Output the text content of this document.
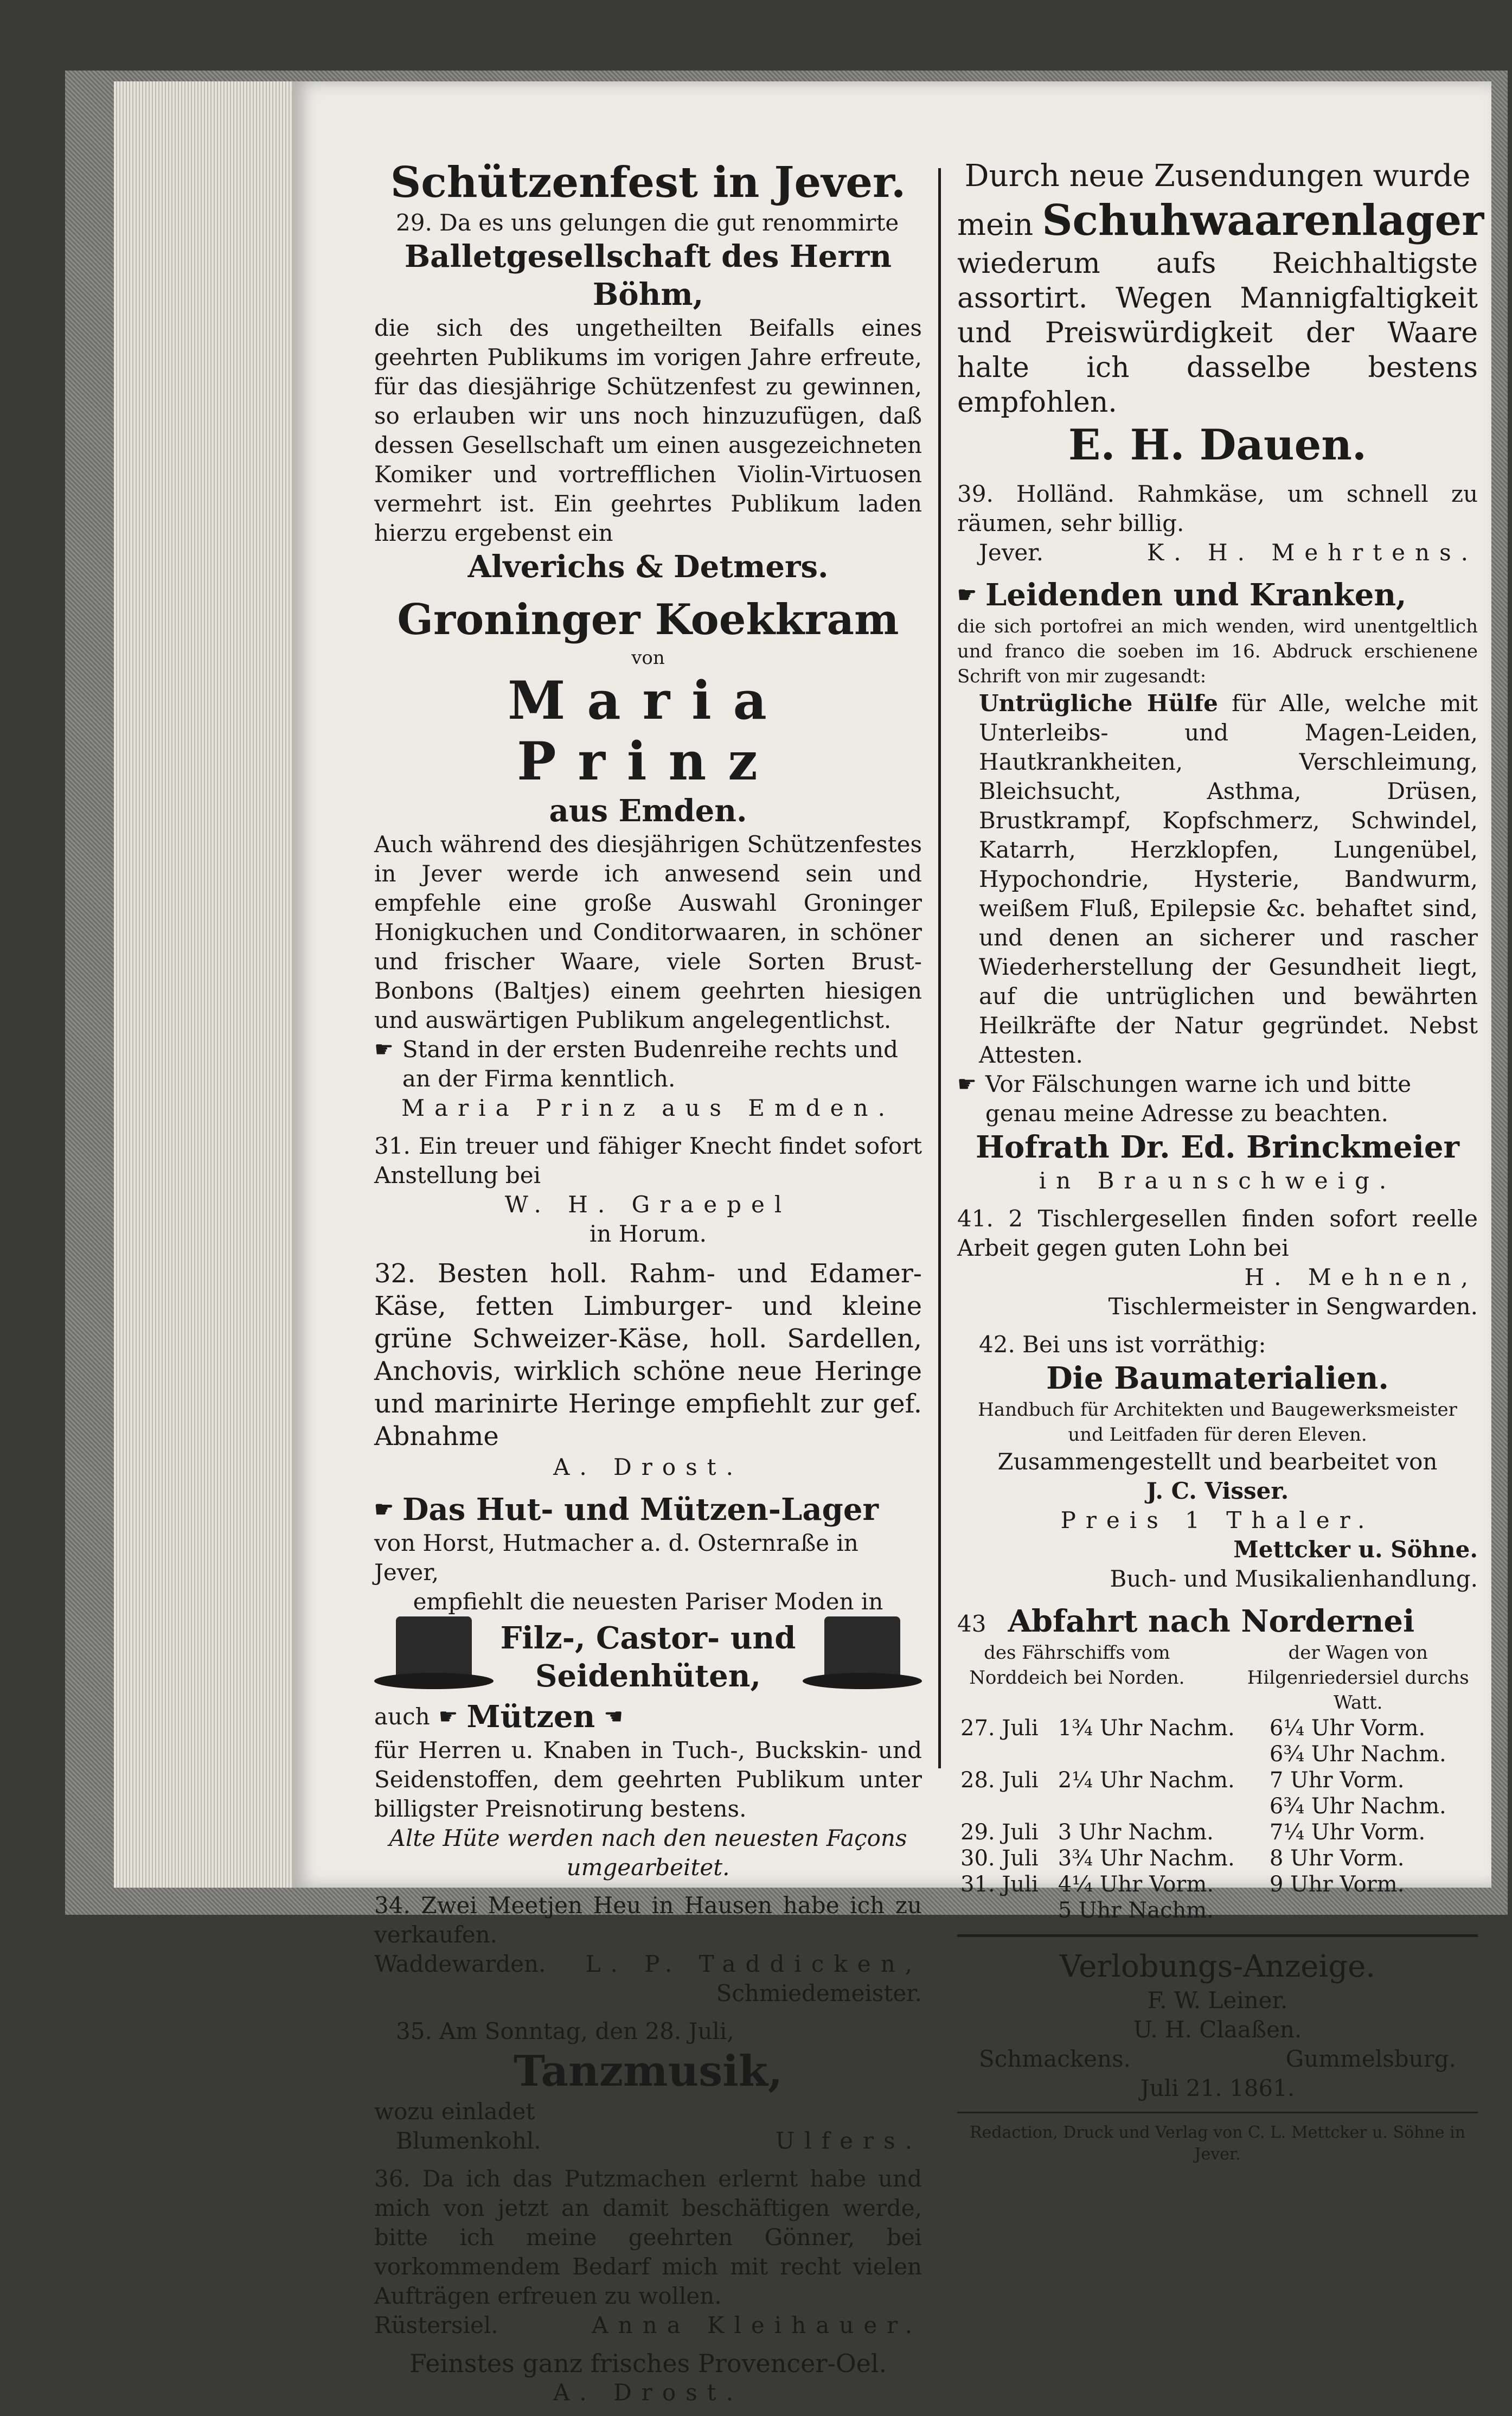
Schützenfest in Jever.
29. Da es uns gelungen die gut renommirte
Balletgesellschaft des Herrn Böhm,
die sich des ungetheilten Beifalls eines geehrten Publikums im vorigen Jahre erfreute, für das diesjährige Schützenfest zu gewinnen, so erlauben wir uns noch hinzuzufügen, daß dessen Gesellschaft um einen ausgezeichneten Komiker und vortrefflichen Violin-Virtuosen vermehrt ist. Ein geehrtes Publikum laden hierzu ergebenst ein
Alverichs & Detmers.
Groninger Koekkram
von
Maria Prinz
aus Emden.
Auch während des diesjährigen Schützenfestes in Jever werde ich anwesend sein und empfehle eine große Auswahl Groninger Honigkuchen und Conditorwaaren, in schöner und frischer Waare, viele Sorten Brust-Bonbons (Baltjes) einem geehrten hiesigen und auswärtigen Publikum angelegentlichst.
☛ Stand in der ersten Budenreihe rechts und an der Firma kenntlich.
Maria Prinz aus Emden.
31. Ein treuer und fähiger Knecht findet sofort Anstellung bei
W. H. Graepel
in Horum.
32. Besten holl. Rahm- und Edamer-Käse, fetten Limburger- und kleine grüne Schweizer-Käse, holl. Sardellen, Anchovis, wirklich schöne neue Heringe und marinirte Heringe empfiehlt zur gef. Abnahme
A. Drost.
☛ Das Hut- und Mützen-Lager
von Horst, Hutmacher a. d. Osternraße in Jever,
empfiehlt die neuesten Pariser Moden in
Filz-, Castor- und
Seidenhüten,
auch ☛ Mützen ☚
für Herren u. Knaben in Tuch-, Buckskin- und Seidenstoffen, dem geehrten Publikum unter billigster Preisnotirung bestens.
Alte Hüte werden nach den neuesten Façons umgearbeitet.
34. Zwei Meetjen Heu in Hausen habe ich zu verkaufen.
Waddewarden. L. P. Taddicken,
Schmiedemeister.
35. Am Sonntag, den 28. Juli,
Tanzmusik,
wozu einladet
Blumenkohl.	Ulfers.
36. Da ich das Putzmachen erlernt habe und mich von jetzt an damit beschäftigen werde, bitte ich meine geehrten Gönner, bei vorkommendem Bedarf mich mit recht vielen Aufträgen erfreuen zu wollen.
Rüstersiel.	Anna Kleihauer.
Feinstes ganz frisches Provencer-Oel.
A. Drost.
Durch neue Zusendungen wurde
mein Schuhwaarenlager
wiederum aufs Reichhaltigste assortirt. Wegen Mannigfaltigkeit und Preiswürdigkeit der Waare halte ich dasselbe bestens empfohlen.
E. H. Dauen.
39. Holländ. Rahmkäse, um schnell zu räumen, sehr billig.
Jever.	K. H. Mehrtens.
☛ Leidenden und Kranken,
die sich portofrei an mich wenden, wird unentgeltlich und franco die soeben im 16. Abdruck erschienene Schrift von mir zugesandt:
Untrügliche Hülfe für Alle, welche mit Unterleibs- und Magen-Leiden, Hautkrankheiten, Verschleimung, Bleichsucht, Asthma, Drüsen, Brustkrampf, Kopfschmerz, Schwindel, Katarrh, Herzklopfen, Lungenübel, Hypochondrie, Hysterie, Bandwurm, weißem Fluß, Epilepsie &c. behaftet sind, und denen an sicherer und rascher Wiederherstellung der Gesundheit liegt, auf die untrüglichen und bewährten Heilkräfte der Natur gegründet. Nebst Attesten.
☛ Vor Fälschungen warne ich und bitte genau meine Adresse zu beachten.
Hofrath Dr. Ed. Brinckmeier
in Braunschweig.
41. 2 Tischlergesellen finden sofort reelle Arbeit gegen guten Lohn bei
H. Mehnen,
Tischlermeister in Sengwarden.
42. Bei uns ist vorräthig:
Die Baumaterialien.
Handbuch für Architekten und Baugewerksmeister und Leitfaden für deren Eleven.
Zusammengestellt und bearbeitet von
J. C. Visser.
Preis 1 Thaler.
Mettcker u. Söhne.
Buch- und Musikalienhandlung.
43 Abfahrt nach Nordernei
des Fährschiffs vom Norddeich bei Norden.
der Wagen von Hilgenriedersiel durchs Watt.
27. Juli	1¾ Uhr Nachm.	6¼ Uhr Vorm.
		6¾ Uhr Nachm.
28. Juli	2¼ Uhr Nachm.	7 Uhr Vorm.
		6¾ Uhr Nachm.
29. Juli	3 Uhr Nachm.	7¼ Uhr Vorm.
30. Juli	3¾ Uhr Nachm.	8 Uhr Vorm.
31. Juli	4¼ Uhr Vorm.	9 Uhr Vorm.
	5 Uhr Nachm.	
Verlobungs-Anzeige.
F. W. Leiner.
U. H. Claaßen.
Schmackens.	Gummelsburg.
Juli 21. 1861.
Redaction, Druck und Verlag von C. L. Mettcker u. Söhne in Jever.
